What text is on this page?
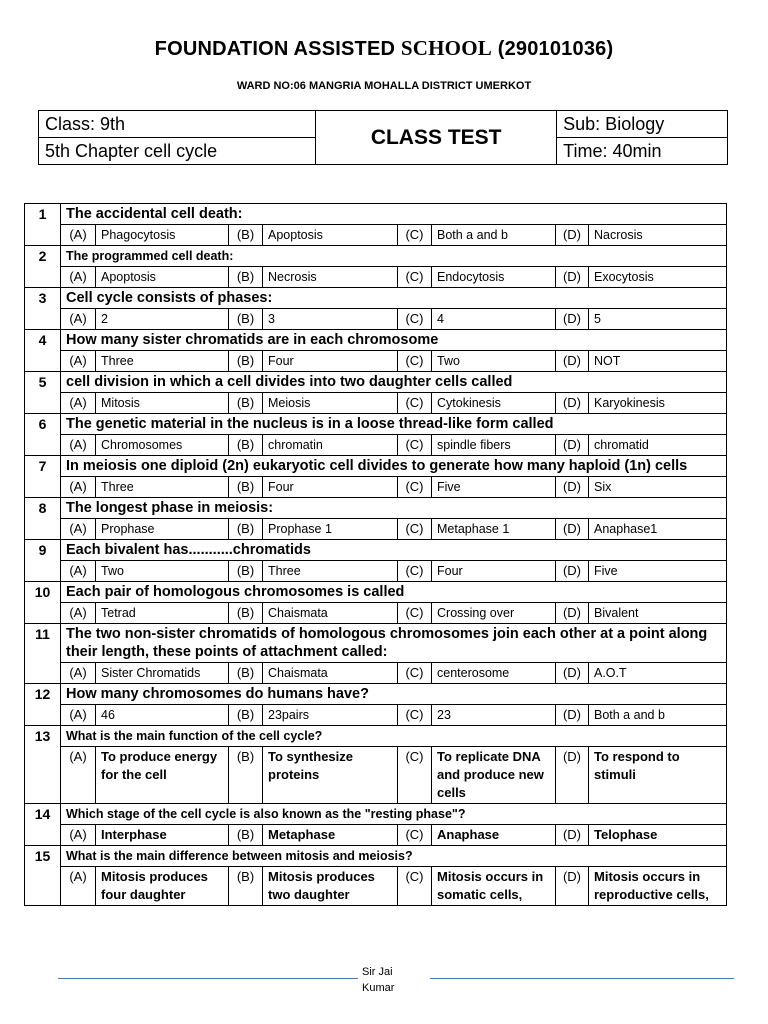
FOUNDATION ASSISTED SCHOOL (290101036)
WARD NO:06 MANGRIA MOHALLA DISTRICT UMERKOT
Class: 9th	CLASS TEST	Sub: Biology
5th Chapter cell cycle		Time: 40min
1	The accidental cell death:							
	(A)	Phagocytosis	(B)	Apoptosis	(C)	Both a and b	(D)	Nacrosis
2	The programmed cell death:							
	(A)	Apoptosis	(B)	Necrosis	(C)	Endocytosis	(D)	Exocytosis
3	Cell cycle consists of phases:							
	(A)	2	(B)	3	(C)	4	(D)	5
4	How many sister chromatids are in each chromosome							
	(A)	Three	(B)	Four	(C)	Two	(D)	NOT
5	cell division in which a cell divides into two daughter cells called							
	(A)	Mitosis	(B)	Meiosis	(C)	Cytokinesis	(D)	Karyokinesis
6	The genetic material in the nucleus is in a loose thread-like form called							
	(A)	Chromosomes	(B)	chromatin	(C)	spindle fibers	(D)	chromatid
7	In meiosis one diploid (2n) eukaryotic cell divides to generate how many haploid (1n) cells							
	(A)	Three	(B)	Four	(C)	Five	(D)	Six
8	The longest phase in meiosis:							
	(A)	Prophase	(B)	Prophase 1	(C)	Metaphase 1	(D)	Anaphase1
9	Each bivalent has...........chromatids							
	(A)	Two	(B)	Three	(C)	Four	(D)	Five
10	Each pair of homologous chromosomes is called							
	(A)	Tetrad	(B)	Chaismata	(C)	Crossing over	(D)	Bivalent
11	The two non-sister chromatids of homologous chromosomes join each other at a point along their length, these points of attachment called:							
	(A)	Sister Chromatids	(B)	Chaismata	(C)	centerosome	(D)	A.O.T
12	How many chromosomes do humans have?							
	(A)	46	(B)	23pairs	(C)	23	(D)	Both a and b
13	What is the main function of the cell cycle?							
	(A)	To produce energy for the cell	(B)	To synthesize proteins	(C)	To replicate DNA and produce new cells	(D)	To respond to stimuli
14	Which stage of the cell cycle is also known as the "resting phase"?							
	(A)	Interphase	(B)	Metaphase	(C)	Anaphase	(D)	Telophase
15	What is the main difference between mitosis and meiosis?							
	(A)	Mitosis produces four daughter	(B)	Mitosis produces two daughter	(C)	Mitosis occurs in somatic cells,	(D)	Mitosis occurs in reproductive cells,
Sir Jai
Kumar
